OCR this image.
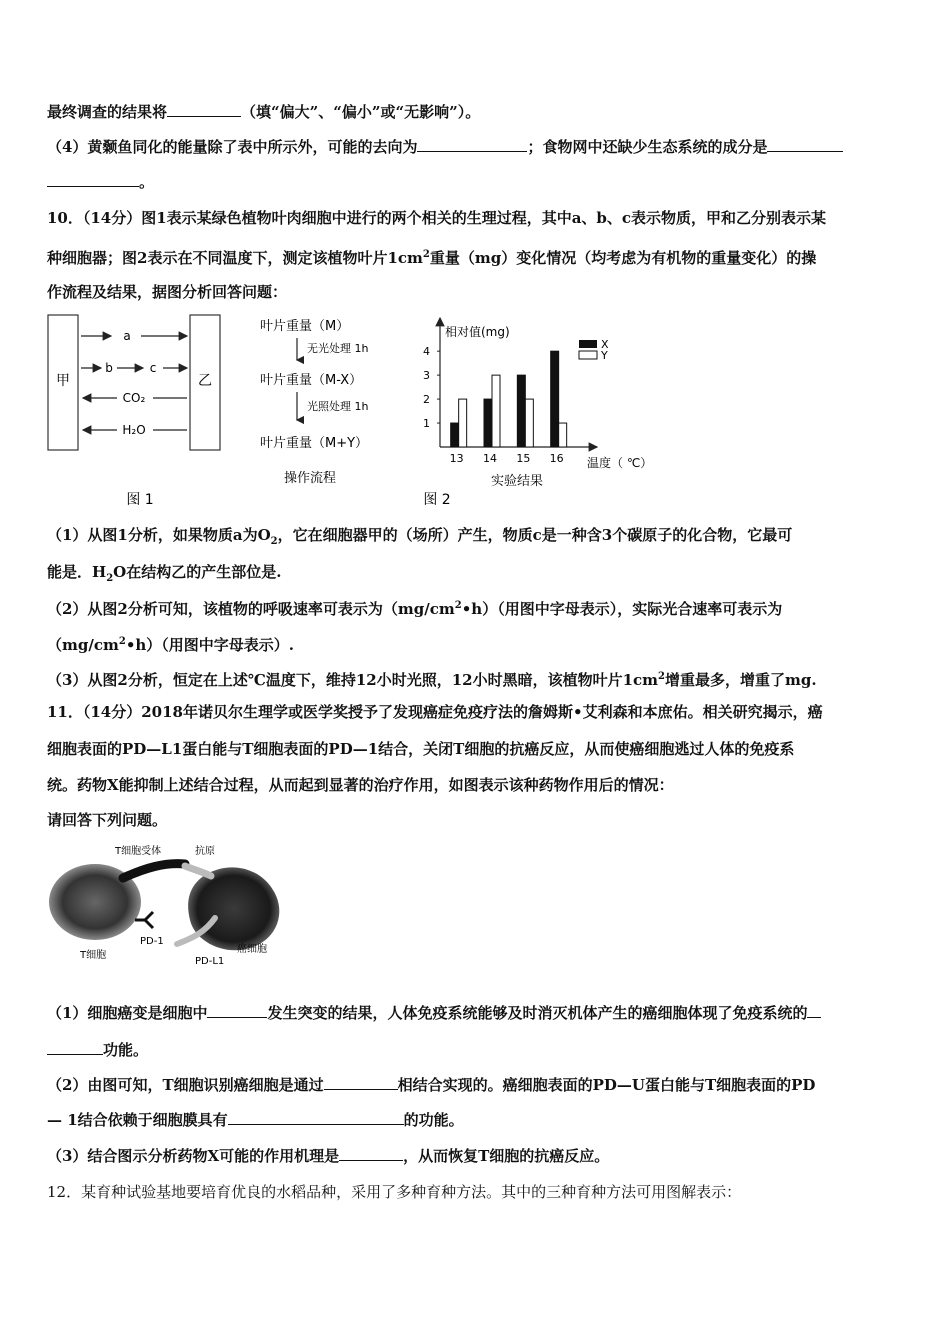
最终调查的结果将	（填“偏大”、“偏小”或“无影响”）。
（4）黄颡鱼同化的能量除了表中所示外，可能的去向为	；食物网中还缺少生态系统的成分是
。
10．（14分）图1表示某绿色植物叶肉细胞中进行的两个相关的生理过程，其中a、b、c表示物质，甲和乙分别表示某
种细胞器；图2表示在不同温度下，测定该植物叶片$1cm^2$重量（mg）变化情况（均考虑为有机物的重量变化）的操
作流程及结果，据图分析回答问题：
甲	乙
a
b	c
CO₂
H₂O
图 1
叶片重量（M）
无光处理 1h
叶片重量（M-X）
光照处理 1h
叶片重量（M+Y）
操作流程
图 2
相对值(mg)
温度（ ℃）
实验结果
1
2
3
4
13 14 15 16
X
Y
（1）从图1分析，如果物质a为$O_2$，它在细胞器甲的（场所）产生，物质c是一种含3个碳原子的化合物，它最可
能是．$H_2O$在结构乙的产生部位是.
（2）从图2分析可知，该植物的呼吸速率可表示为$(mg/cm^2•h)$（用图中字母表示），实际光合速率可表示为
$(mg/cm^2•h)$（用图中字母表示）.
（3）从图2分析，恒定在上述℃温度下，维持12小时光照，12小时黑暗，该植物叶片$1cm^2$增重最多，增重了mg.
11．（14分）2018年诺贝尔生理学或医学奖授予了发现癌症免疫疗法的詹姆斯•艾利森和本庶佑。相关研究揭示，癌
细胞表面的PD—L1蛋白能与T细胞表面的PD—1结合，关闭T细胞的抗癌反应，从而使癌细胞逃过人体的免疫系
统。药物X能抑制上述结合过程，从而起到显著的治疗作用，如图表示该种药物作用后的情况：
请回答下列问题。
T细胞受体	抗原
PD-1
T细胞
PD-L1
癌细胞
（1）细胞癌变是细胞中	发生突变的结果，人体免疫系统能够及时消灭机体产生的癌细胞体现了免疫系统的
功能。
（2）由图可知，T细胞识别癌细胞是通过	相结合实现的。癌细胞表面的PD—U蛋白能与T细胞表面的PD
— 1结合依赖于细胞膜具有	的功能。
（3）结合图示分析药物X可能的作用机理是	，从而恢复T细胞的抗癌反应。
12．某育种试验基地要培育优良的水稻品种，采用了多种育种方法。其中的三种育种方法可用图解表示：
